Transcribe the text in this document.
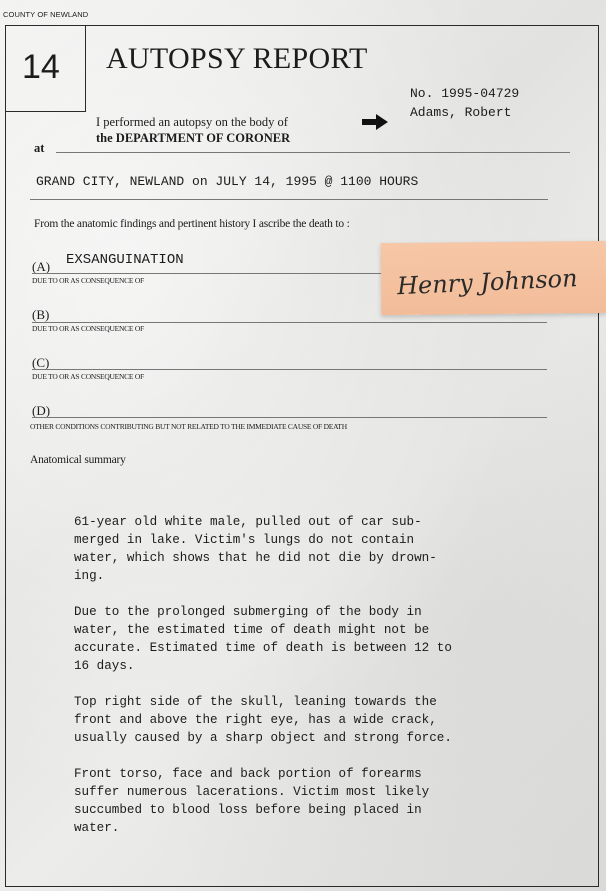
COUNTY OF NEWLAND
14 AUTOPSY REPORT
No. 1995-04729
Adams, Robert
I performed an autopsy on the body of
the DEPARTMENT OF CORONER
at
GRAND CITY, NEWLAND on JULY 14, 1995 @ 1100 HOURS
From the anatomic findings and pertinent history I ascribe the death to :
(A) EXSANGUINATION
DUE TO OR AS CONSEQUENCE OF
(B)
DUE TO OR AS CONSEQUENCE OF
(C)
DUE TO OR AS CONSEQUENCE OF
(D)
OTHER CONDITIONS CONTRIBUTING BUT NOT RELATED TO THE IMMEDIATE CAUSE OF DEATH
Anatomical summary

61-year old white male, pulled out of car sub-
merged in lake. Victim's lungs do not contain
water, which shows that he did not die by drown-
ing.

Due to the prolonged submerging of the body in
water, the estimated time of death might not be
accurate. Estimated time of death is between 12 to
16 days.

Top right side of the skull, leaning towards the
front and above the right eye, has a wide crack,
usually caused by a sharp object and strong force.

Front torso, face and back portion of forearms
suffer numerous lacerations. Victim most likely
succumbed to blood loss before being placed in
water.

Henry Johnson
